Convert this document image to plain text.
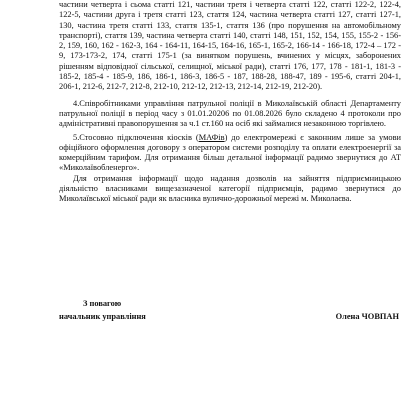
частини четверта і сьома статті 121, частини третя і четверта статті 122, статті 122-2, 122-4, 122-5, частини друга і третя статті 123, стаття 124, частина четверта статті 127, статті 127-1, 130, частина третя статті 133, стаття 135-1, стаття 136 (про порушення на автомобільному транспорті), стаття 139, частина четверта статті 140, статті 148, 151, 152, 154, 155, 155-2 - 156-2, 159, 160, 162 - 162-3, 164 - 164-11, 164-15, 164-16, 165-1, 165-2, 166-14 - 166-18, 172-4 – 172 - 9, 173-173-2, 174, статті 175-1 (за винятком порушень, вчинених у місцях, заборонених рішенням відповідної сільської, селищної, міської ради), статті 176, 177, 178 - 181-1, 181-3 - 185-2, 185-4 - 185-9, 186, 186-1, 186-3, 186-5 - 187, 188-28, 188-47, 189 - 195-6, статті 204-1, 206-1, 212-6, 212-7, 212-8, 212-10, 212-12, 212-13, 212-14, 212-19, 212-20).

4.Співробітниками управління патрульної поліції в Миколаївській області Департаменту патрульної поліції в період часу з 01.01.20206 по 01.08.2026 було складено 4 протоколи про адміністративні правопорушення за ч.1 ст.160 на осіб які займалися незаконною торгівлею.

5.Стосовно підключення кіосків (МАФів) до електромережі є законним лише за умови офіційного оформлення договору з оператором системи розподілу та оплати електроенергії за комерційним тарифом. Для отримання більш детальної інформації радимо звернутися до АТ «Миколаївобленерго».

Для отримання інформації щодо надання дозволів на зайняття підприємницькою діяльністю власниками вищезазначеної категорії підприємців, радимо звернутися до Миколаївської міської ради як власника вулично-дорожньої мережі м. Миколаєва.

З повагою
начальник управління	Олена ЧОВПАН
